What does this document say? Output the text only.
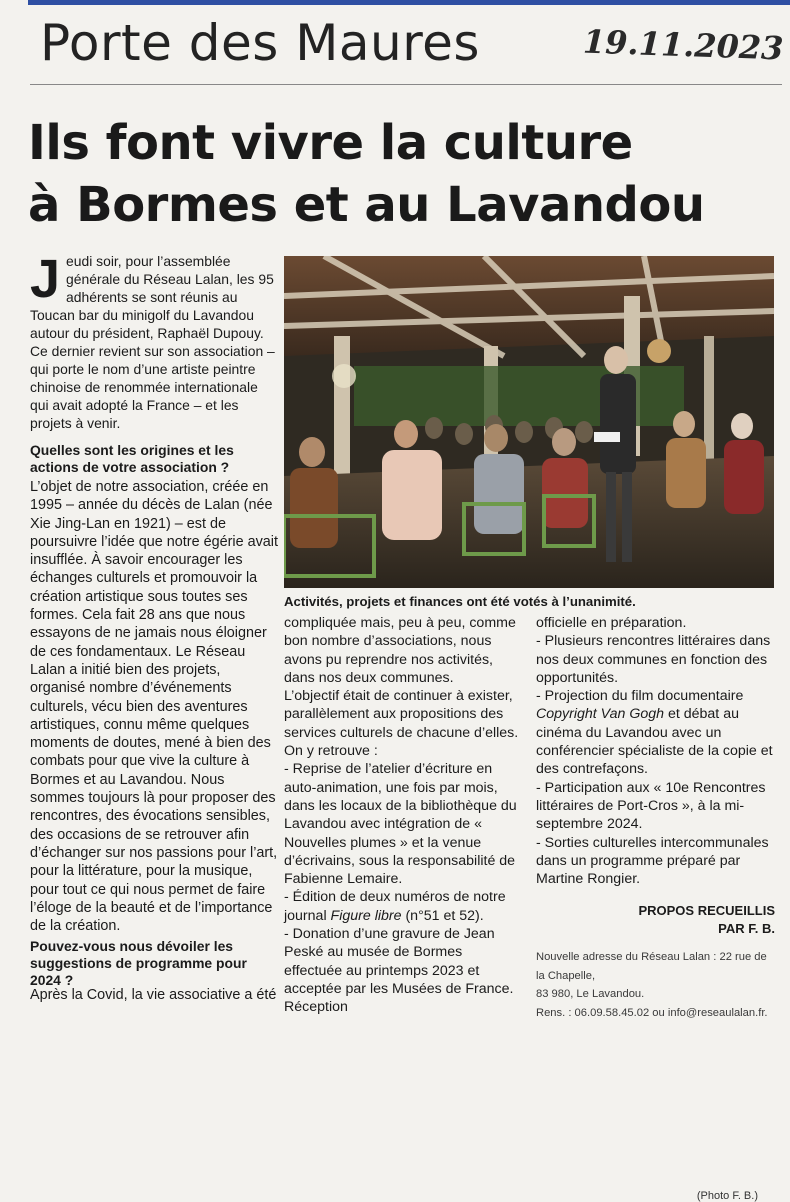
Porte des Maures	19.11.2023
Ils font vivre la culture
à Bormes et au Lavandou
Jeudi soir, pour l’assemblée générale du Réseau Lalan, les 95 adhérents se sont réunis au Toucan bar du minigolf du Lavandou autour du président, Raphaël Dupouy. Ce dernier revient sur son association – qui porte le nom d’une artiste peintre chinoise de renommée internationale qui avait adopté la France – et les projets à venir.
Activités, projets et finances ont été votés à l’unanimité.
(Photo F. B.)
Quelles sont les origines et les actions de votre association ?
L’objet de notre association, créée en 1995 – année du décès de Lalan (née Xie Jing-Lan en 1921) – est de poursuivre l’idée que notre égérie avait insufflée. À savoir encourager les échanges culturels et promouvoir la création artistique sous toutes ses formes. Cela fait 28 ans que nous essayons de ne jamais nous éloigner de ces fondamentaux. Le Réseau Lalan a initié bien des projets, organisé nombre d’événements culturels, vécu bien des aventures artistiques, connu même quelques moments de doutes, mené à bien des combats pour que vive la culture à Bormes et au Lavandou. Nous sommes toujours là pour proposer des rencontres, des évocations sensibles, des occasions de se retrouver afin d’échanger sur nos passions pour l’art, pour la littérature, pour la musique, pour tout ce qui nous permet de faire l’éloge de la beauté et de l’importance de la création.
Pouvez-vous nous dévoiler les suggestions de programme pour 2024 ?
Après la Covid, la vie associative a été

compliquée mais, peu à peu, comme bon nombre d’associations, nous avons pu reprendre nos activités, dans nos deux communes.

L’objectif était de continuer à exister, parallèlement aux propositions des services culturels de chacune d’elles.

On y retrouve :

- Reprise de l’atelier d’écriture en auto-animation, une fois par mois, dans les locaux de la bibliothèque du Lavandou avec intégration de « Nouvelles plumes » et la venue d’écrivains, sous la responsabilité de Fabienne Lemaire.

- Édition de deux numéros de notre journal Figure libre (n°51 et 52).

- Donation d’une gravure de Jean Peské au musée de Bormes effectuée au printemps 2023 et acceptée par les Musées de France. Réception

officielle en préparation.

- Plusieurs rencontres littéraires dans nos deux communes en fonction des opportunités.

- Projection du film documentaire Copyright Van Gogh et débat au cinéma du Lavandou avec un conférencier spécialiste de la copie et des contrefaçons.

- Participation aux « 10e Rencontres littéraires de Port-Cros », à la mi-septembre 2024.

- Sorties culturelles intercommunales dans un programme préparé par Martine Rongier.

PROPOS RECUEILLIS
PAR F. B.
Nouvelle adresse du Réseau Lalan : 22 rue de la Chapelle,
83 980, Le Lavandou.
Rens. : 06.09.58.45.02 ou info@reseaulalan.fr.
